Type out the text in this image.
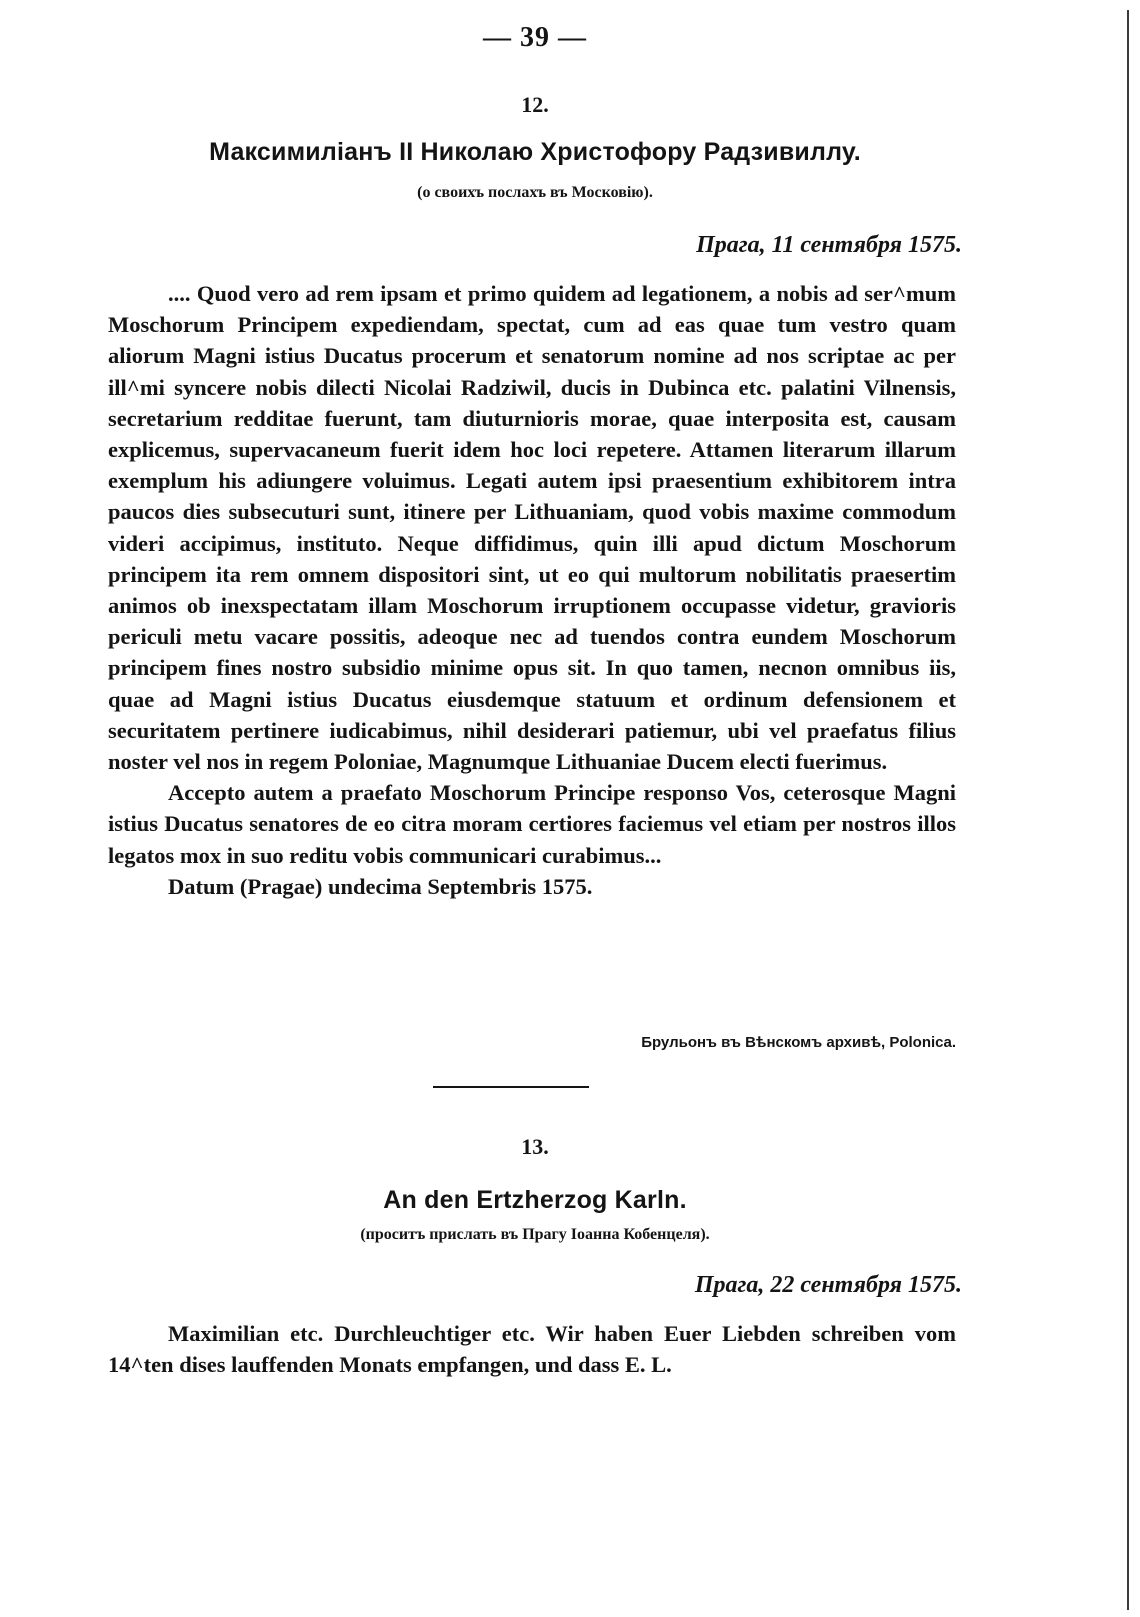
— 39 —
12.
Максимиліанъ II Николаю Христофору Радзивиллу.
(о своихъ послахъ въ Московію).
Прага, 11 сентября 1575.

.... Quod vero ad rem ipsam et primo quidem ad legationem, a nobis ad ser^mum Moschorum Principem expediendam, spectat, cum ad eas quae tum vestro quam aliorum Magni istius Ducatus procerum et senatorum nomine ad nos scriptae ac per ill^mi syncere nobis dilecti Nicolai Radziwil, ducis in Dubinca etc. palatini Vilnensis, secretarium redditae fuerunt, tam diuturnioris morae, quae interposita est, causam explicemus, supervacaneum fuerit idem hoc loci repetere. Attamen literarum illarum exemplum his adiungere voluimus. Legati autem ipsi praesentium exhibitorem intra paucos dies subsecuturi sunt, itinere per Lithuaniam, quod vobis maxime commodum videri accipimus, instituto. Neque diffidimus, quin illi apud dictum Moschorum principem ita rem omnem dispositori sint, ut eo qui multorum nobilitatis praesertim animos ob inexspectatam illam Moschorum irruptionem occupasse videtur, gravioris periculi metu vacare possitis, adeoque nec ad tuendos contra eundem Moschorum principem fines nostro subsidio minime opus sit. In quo tamen, necnon omnibus iis, quae ad Magni istius Ducatus eiusdemque statuum et ordinum defensionem et securitatem pertinere iudicabimus, nihil desiderari patiemur, ubi vel praefatus filius noster vel nos in regem Poloniae, Magnumque Lithuaniae Ducem electi fuerimus.

Accepto autem a praefato Moschorum Principe responso Vos, ceterosque Magni istius Ducatus senatores de eo citra moram certiores faciemus vel etiam per nostros illos legatos mox in suo reditu vobis communicari curabimus...

Datum (Pragae) undecima Septembris 1575.

Брульонъ въ Вѣнскомъ архивѣ, Polonica.
13.
An den Ertzherzog Karln.
(проситъ прислать въ Прагу Іоанна Кобенцеля).
Прага, 22 сентября 1575.

Maximilian etc. Durchleuchtiger etc. Wir haben Euer Liebden schreiben vom 14^ten dises lauffenden Monats empfangen, und dass E. L.
